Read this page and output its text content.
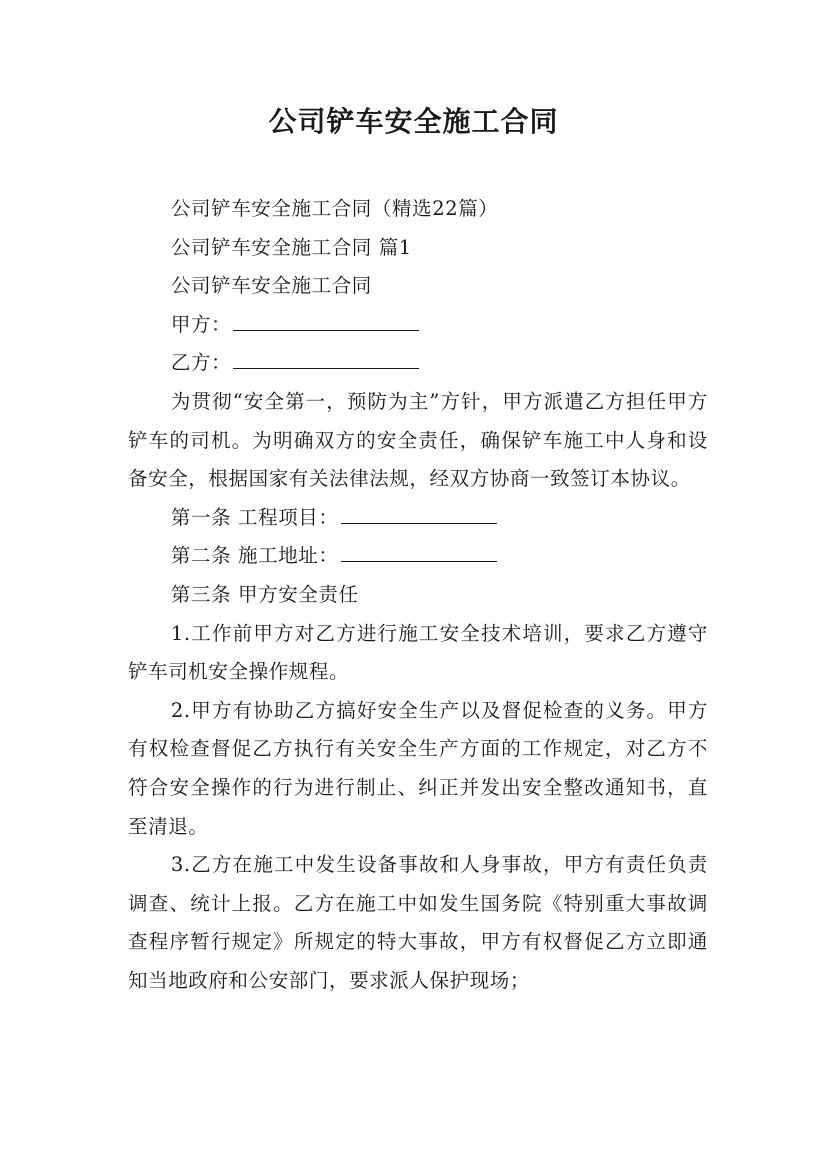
公司铲车安全施工合同

公司铲车安全施工合同（精选22篇）

公司铲车安全施工合同 篇1

公司铲车安全施工合同

甲方：

乙方：

为贯彻“安全第一，预防为主”方针，甲方派遣乙方担任甲方铲车的司机。为明确双方的安全责任，确保铲车施工中人身和设备安全，根据国家有关法律法规，经双方协商一致签订本协议。

第一条 工程项目：

第二条 施工地址：

第三条 甲方安全责任

1.工作前甲方对乙方进行施工安全技术培训，要求乙方遵守铲车司机安全操作规程。

2.甲方有协助乙方搞好安全生产以及督促检查的义务。甲方有权检查督促乙方执行有关安全生产方面的工作规定，对乙方不符合安全操作的行为进行制止、纠正并发出安全整改通知书，直至清退。

3.乙方在施工中发生设备事故和人身事故，甲方有责任负责调查、统计上报。乙方在施工中如发生国务院《特别重大事故调查程序暂行规定》所规定的特大事故，甲方有权督促乙方立即通知当地政府和公安部门，要求派人保护现场；
